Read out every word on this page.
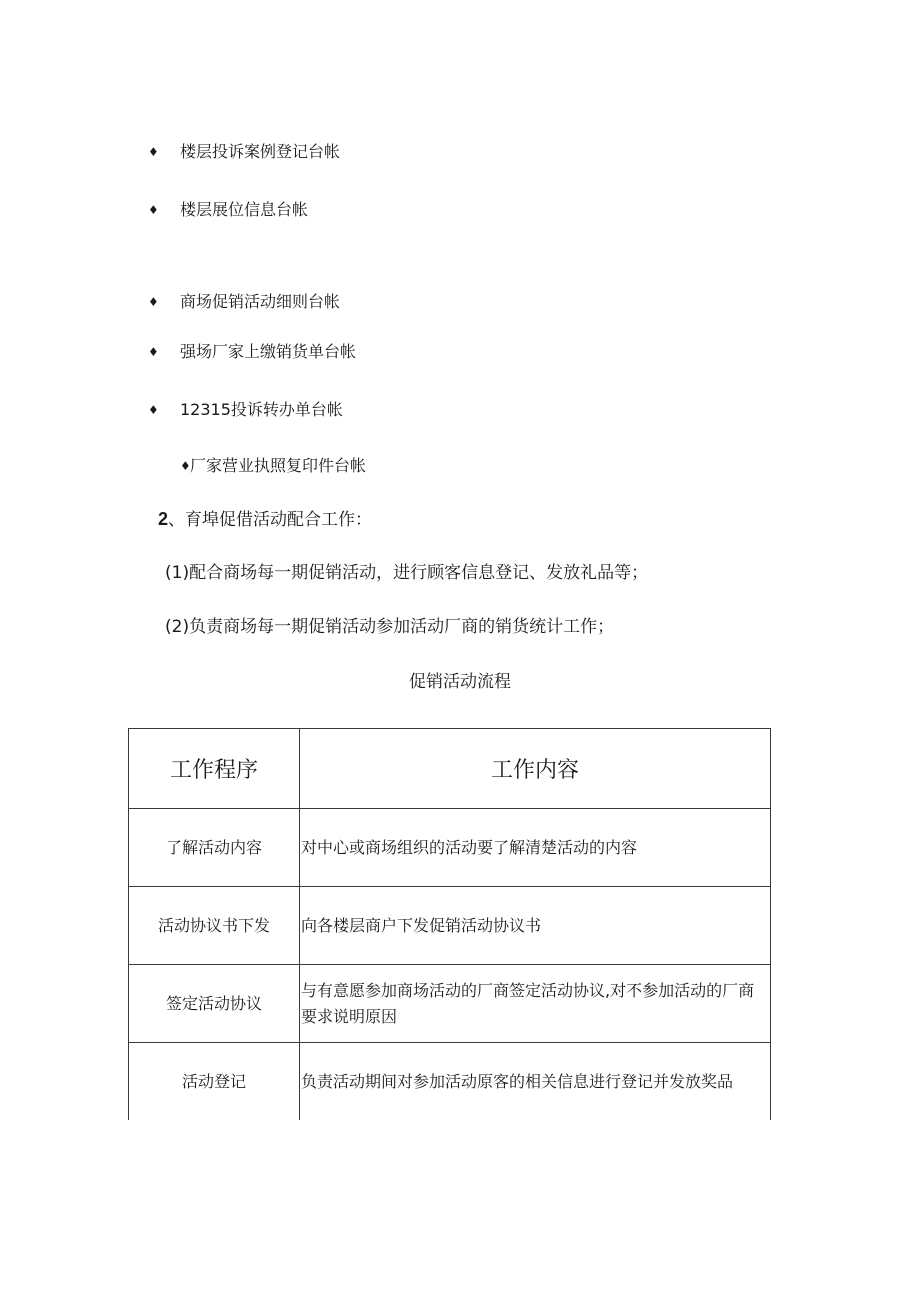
♦ 楼层投诉案例登记台帐
♦ 楼层展位信息台帐
♦ 商场促销活动细则台帐
♦ 强场厂家上缴销货单台帐
♦ 12315投诉转办单台帐
♦ 厂家营业执照复印件台帐
2、育埠促借活动配合工作：
(1)配合商场每一期促销活动，进行顾客信息登记、发放礼品等；
(2)负责商场每一期促销活动参加活动厂商的销货统计工作；
促销活动流程
工作程序	工作内容
了解活动内容	对中心或商场组织的活动要了解清楚活动的内容
活动协议书下发	向各楼层商户下发促销活动协议书
签定活动协议	与有意愿参加商场活动的厂商签定活动协议,对不参加活动的厂商要求说明原因
活动登记	负责活动期间对参加活动原客的相关信息进行登记并发放奖品
